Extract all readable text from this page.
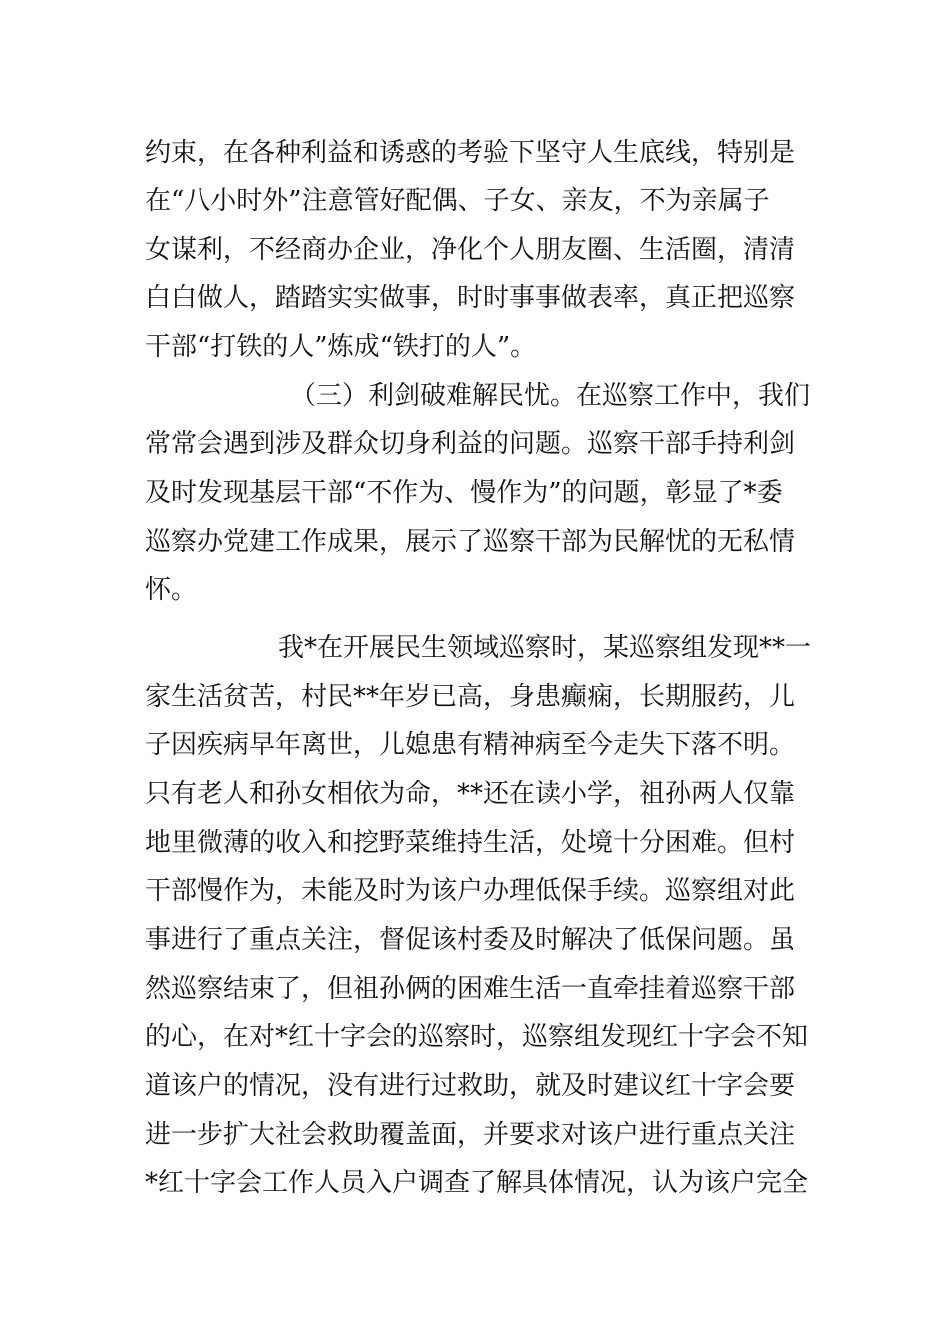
约束，在各种利益和诱惑的考验下坚守人生底线，特别是
在“八小时外”注意管好配偶、子女、亲友，不为亲属子
女谋利，不经商办企业，净化个人朋友圈、生活圈，清清
白白做人，踏踏实实做事，时时事事做表率，真正把巡察
干部“打铁的人”炼成“铁打的人”。
（三）利剑破难解民忧。在巡察工作中，我们
常常会遇到涉及群众切身利益的问题。巡察干部手持利剑
及时发现基层干部“不作为、慢作为”的问题，彰显了*委
巡察办党建工作成果，展示了巡察干部为民解忧的无私情
怀。
我*在开展民生领域巡察时，某巡察组发现**一
家生活贫苦，村民**年岁已高，身患癫痫，长期服药，儿
子因疾病早年离世，儿媳患有精神病至今走失下落不明。
只有老人和孙女相依为命，**还在读小学，祖孙两人仅靠
地里微薄的收入和挖野菜维持生活，处境十分困难。但村
干部慢作为，未能及时为该户办理低保手续。巡察组对此
事进行了重点关注，督促该村委及时解决了低保问题。虽
然巡察结束了，但祖孙俩的困难生活一直牵挂着巡察干部
的心，在对*红十字会的巡察时，巡察组发现红十字会不知
道该户的情况，没有进行过救助，就及时建议红十字会要
进一步扩大社会救助覆盖面，并要求对该户进行重点关注
*红十字会工作人员入户调查了解具体情况，认为该户完全
